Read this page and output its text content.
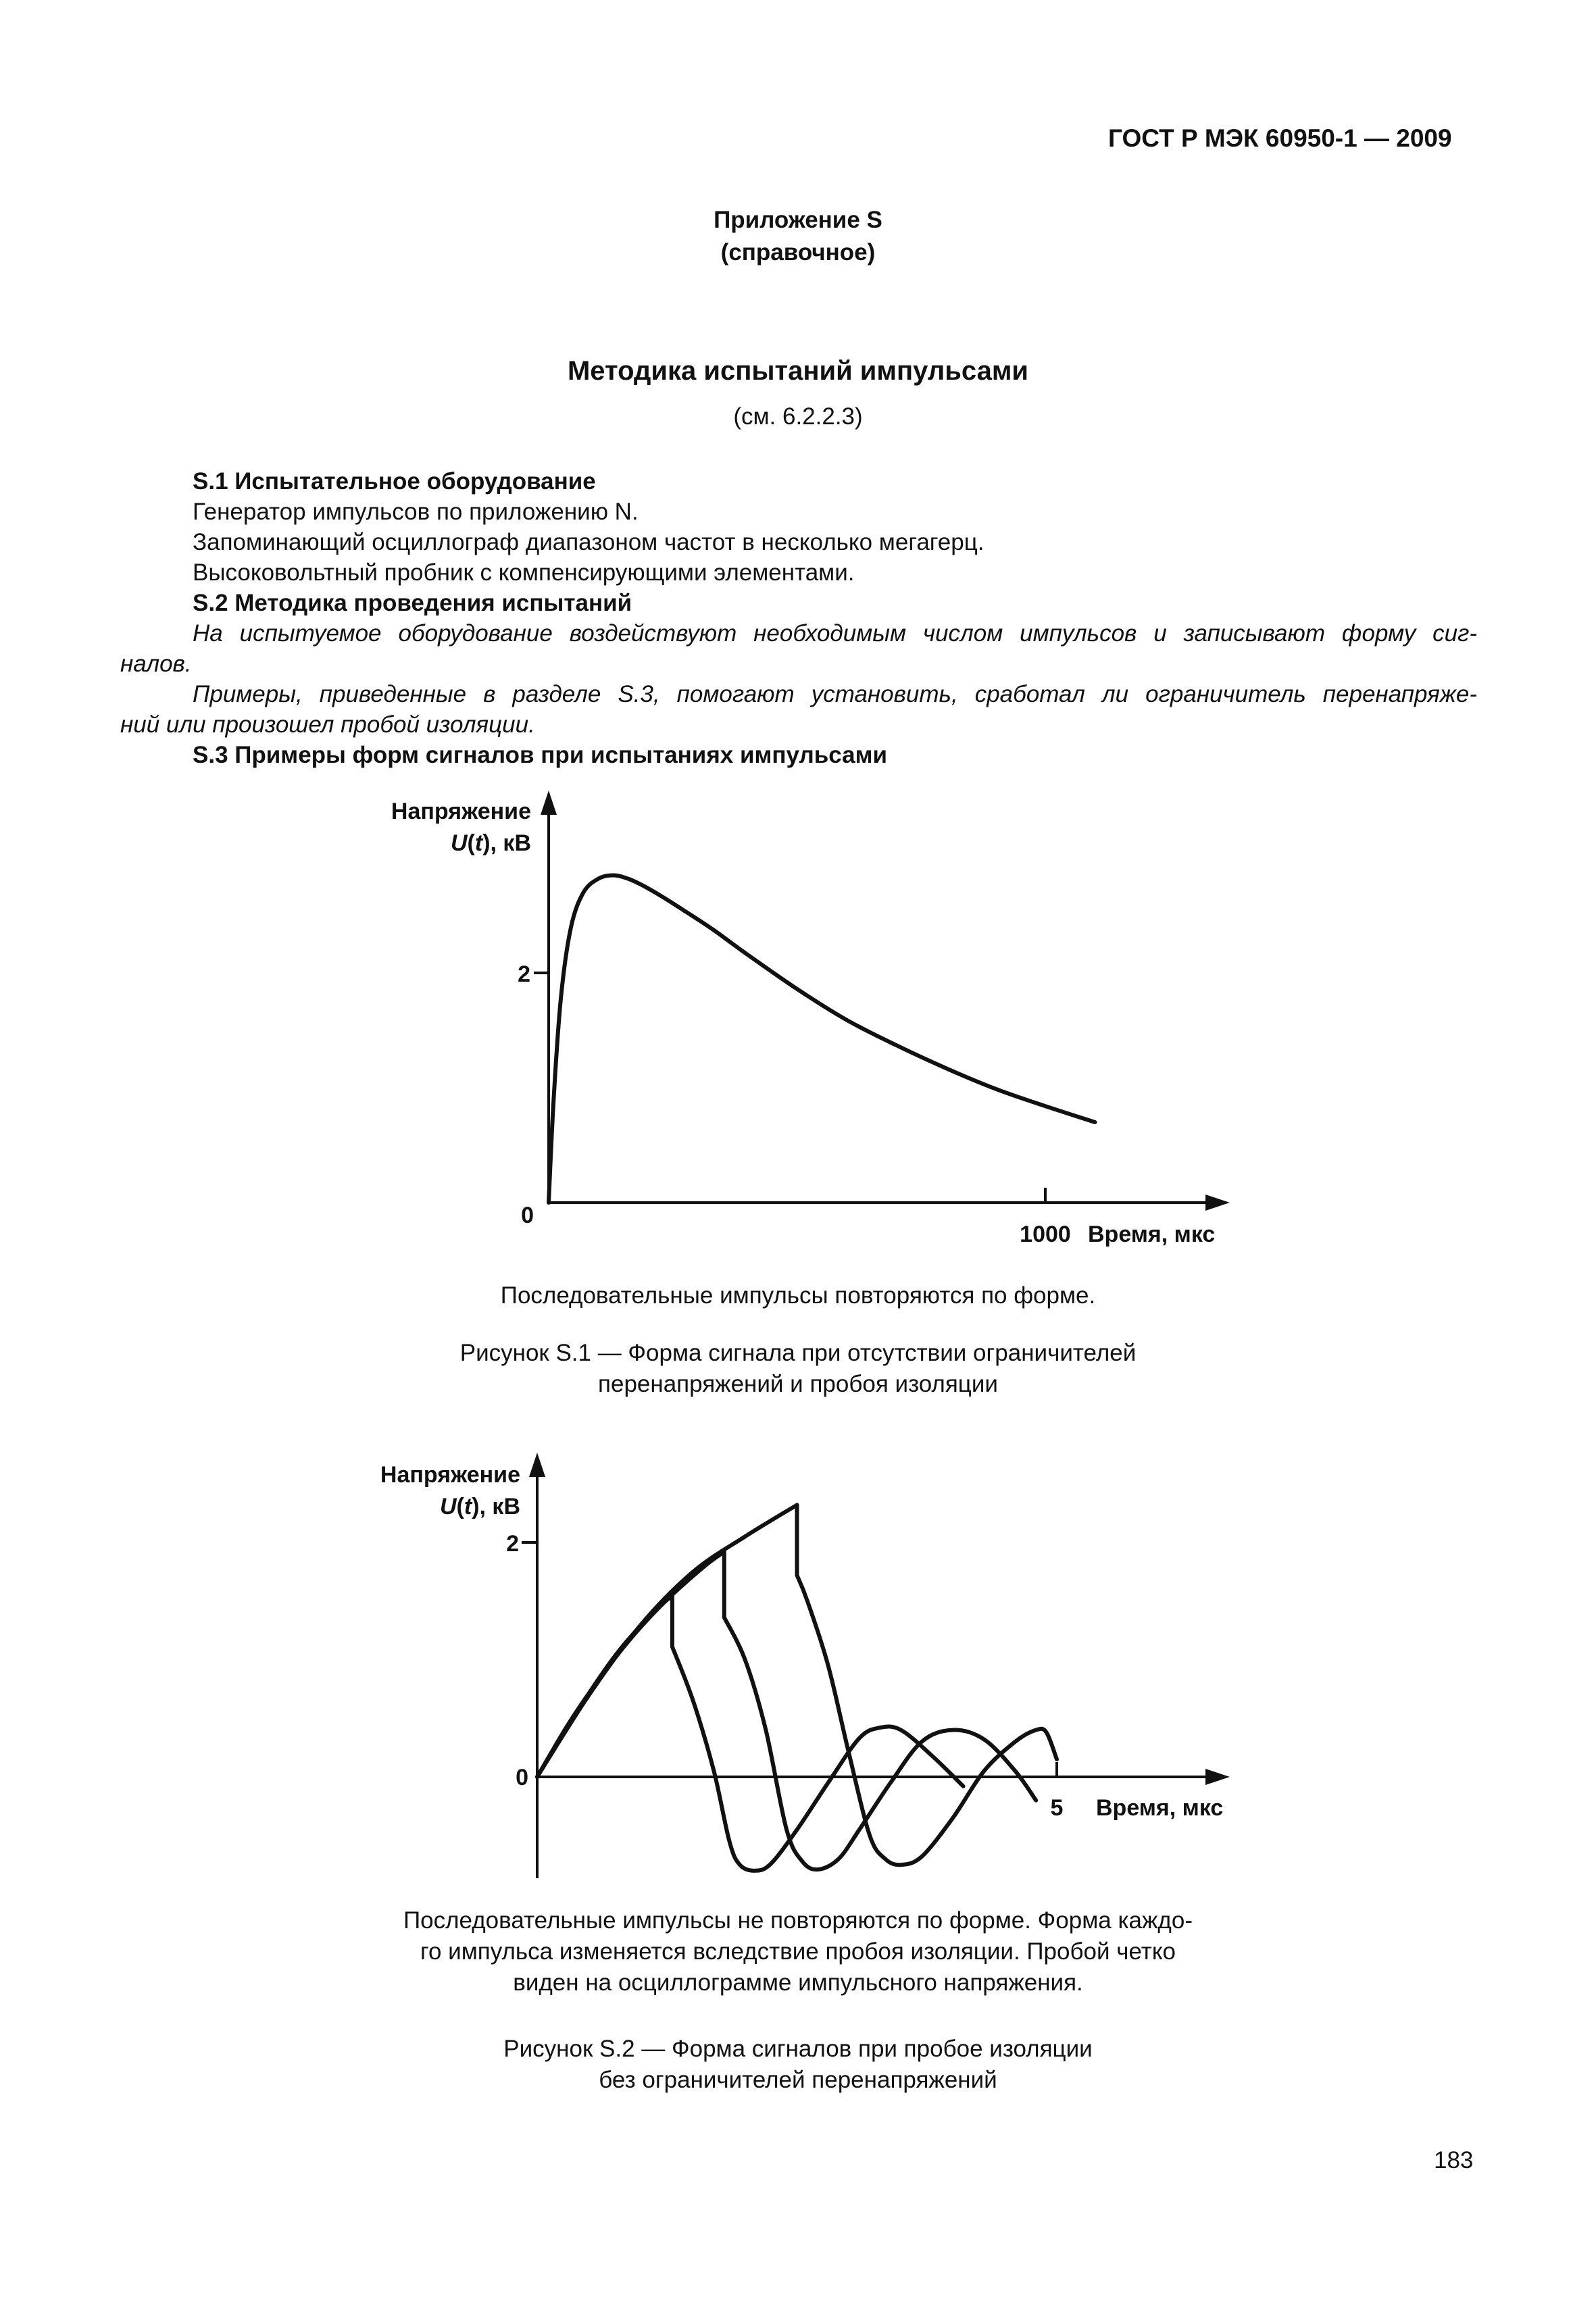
ГОСТ Р МЭК 60950-1 — 2009
Приложение S
(справочное)
Методика испытаний импульсами
(см. 6.2.2.3)
S.1 Испытательное оборудование
Генератор импульсов по приложению N.
Запоминающий осциллограф диапазоном частот в несколько мегагерц.
Высоковольтный пробник с компенсирующими элементами.
S.2 Методика проведения испытаний
На испытуемое оборудование воздействуют необходимым числом импульсов и записывают форму сиг-
налов.
Примеры, приведенные в разделе S.3, помогают установить, сработал ли ограничитель перенапряже-
ний или произошел пробой изоляции.
S.3 Примеры форм сигналов при испытаниях импульсами
Напряжение
U(t), кВ
2
0
1000 Время, мкс
Последовательные импульсы повторяются по форме.
Рисунок S.1 — Форма сигнала при отсутствии ограничителей
перенапряжений и пробоя изоляции
Напряжение
U(t), кВ
2
0
5 Время, мкс
Последовательные импульсы не повторяются по форме. Форма каждо-
го импульса изменяется вследствие пробоя изоляции. Пробой четко
виден на осциллограмме импульсного напряжения.
Рисунок S.2 — Форма сигналов при пробое изоляции
без ограничителей перенапряжений
183
